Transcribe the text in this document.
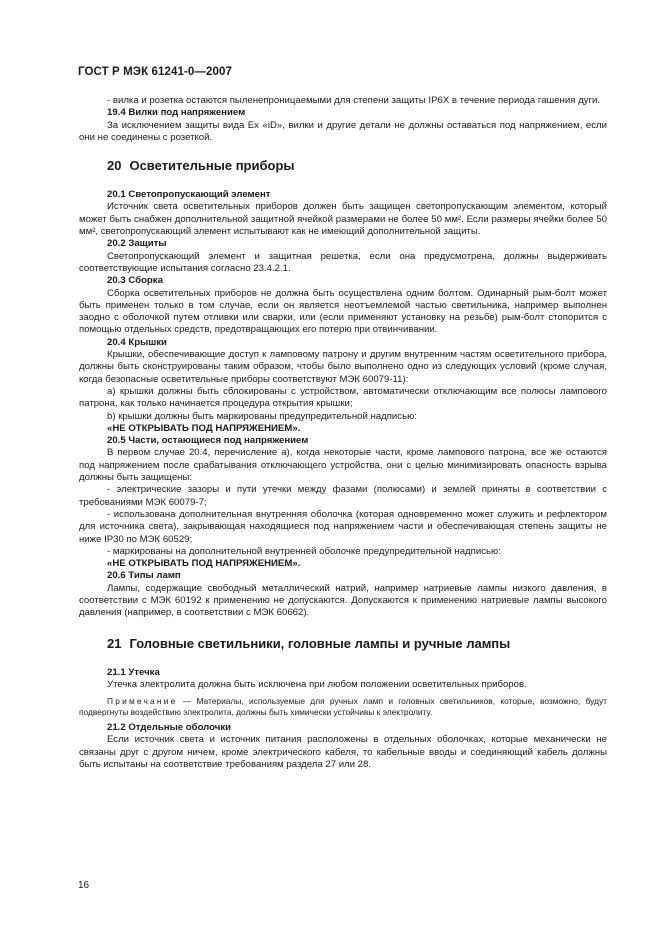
ГОСТ Р МЭК 61241-0—2007

- вилка и розетка остаются пыленепроницаемыми для степени защиты IP6X в течение периода гашения дуги.

19.4 Вилки под напряжением

За исключением защиты вида Ex «iD», вилки и другие детали не должны оставаться под напряжением, если они не соединены с розеткой.

20 Осветительные приборы

20.1 Светопропускающий элемент

Источник света осветительных приборов должен быть защищен светопропускающим элементом, который может быть снабжен дополнительной защитной ячейкой размерами не более 50 мм². Если размеры ячейки более 50 мм², светопропускающий элемент испытывают как не имеющий дополнительной защиты.

20.2 Защиты

Светопропускающий элемент и защитная решетка, если она предусмотрена, должны выдерживать соответствующие испытания согласно 23.4.2.1.

20.3 Сборка

Сборка осветительных приборов не должна быть осуществлена одним болтом. Одинарный рым-болт может быть применен только в том случае, если он является неотъемлемой частью светильника, например выполнен заодно с оболочкой путем отливки или сварки, или (если применяют установку на резьбе) рым-болт стопорится с помощью отдельных средств, предотвращающих его потерю при отвинчивании.

20.4 Крышки

Крышки, обеспечивающие доступ к ламповому патрону и другим внутренним частям осветительного прибора, должны быть сконструированы таким образом, чтобы было выполнено одно из следующих условий (кроме случая, когда безопасные осветительные приборы соответствуют МЭК 60079-11):

a) крышки должны быть сблокированы с устройством, автоматически отключающим все полюсы лампового патрона, как только начинается процедура открытия крышки;

b) крышки должны быть маркированы предупредительной надписью:

«НЕ ОТКРЫВАТЬ ПОД НАПРЯЖЕНИЕМ».

20.5 Части, остающиеся под напряжением

В первом случае 20.4, перечисление а), когда некоторые части, кроме лампового патрона, все же остаются под напряжением после срабатывания отключающего устройства, они с целью минимизировать опасность взрыва должны быть защищены:

- электрические зазоры и пути утечки между фазами (полюсами) и землей приняты в соответствии с требованиями МЭК 60079-7;

- использована дополнительная внутренняя оболочка (которая одновременно может служить и рефлектором для источника света), закрывающая находящиеся под напряжением части и обеспечивающая степень защиты не ниже IP30 по МЭК 60529;

- маркированы на дополнительной внутренней оболочке предупредительной надписью:

«НЕ ОТКРЫВАТЬ ПОД НАПРЯЖЕНИЕМ».

20.6 Типы ламп

Лампы, содержащие свободный металлический натрий, например натриевые лампы низкого давления, в соответствии с МЭК 60192 к применению не допускаются. Допускаются к применению натриевые лампы высокого давления (например, в соответствии с МЭК 60662).

21 Головные светильники, головные лампы и ручные лампы

21.1 Утечка

Утечка электролита должна быть исключена при любом положении осветительных приборов.

Примечание — Материалы, используемые для ручных ламп и головных светильников, которые, возможно, будут подвергнуты воздействию электролита, должны быть химически устойчивы к электролиту.

21.2 Отдельные оболочки

Если источник света и источник питания расположены в отдельных оболочках, которые механически не связаны друг с другом ничем, кроме электрического кабеля, то кабельные вводы и соединяющий кабель должны быть испытаны на соответствие требованиям раздела 27 или 28.

16
